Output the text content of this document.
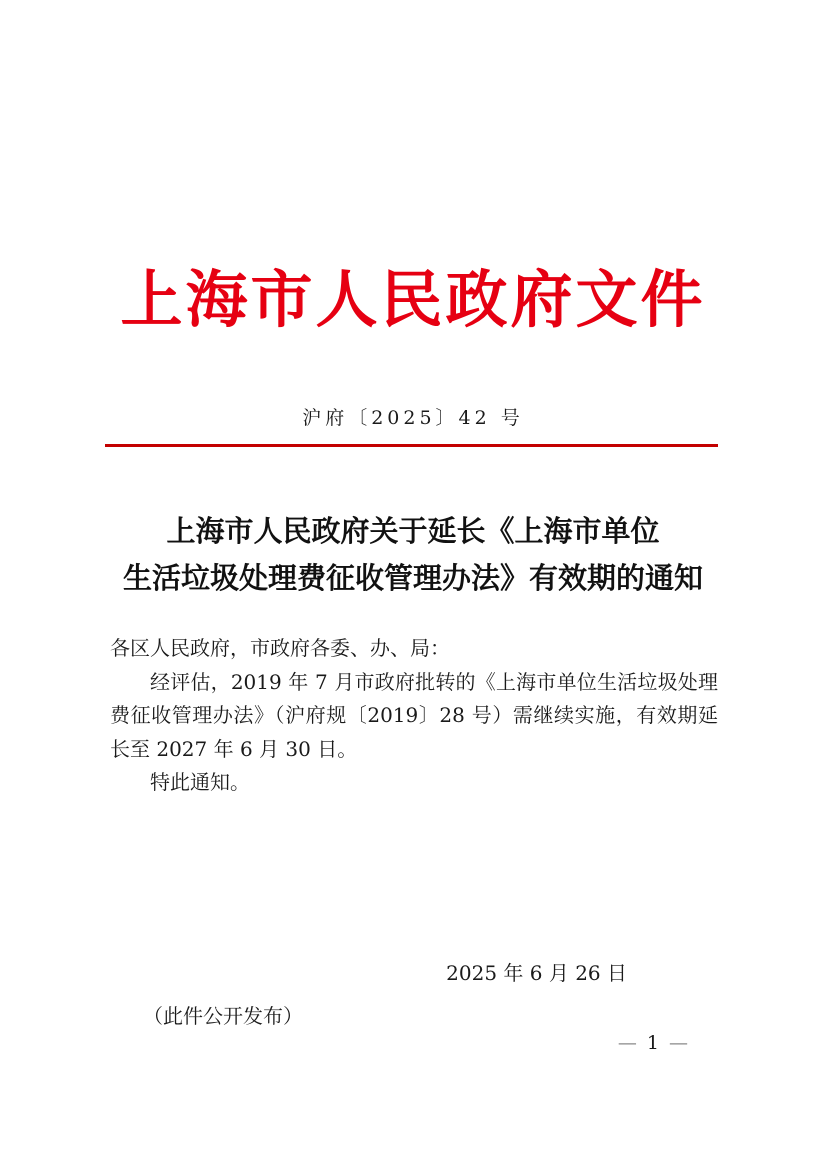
上海市人民政府文件
沪府〔2025〕42 号
上海市人民政府关于延长《上海市单位
生活垃圾处理费征收管理办法》有效期的通知

各区人民政府，市政府各委、办、局：

经评估，2019 年 7 月市政府批转的《上海市单位生活垃圾处理费征收管理办法》（沪府规〔2019〕28 号）需继续实施，有效期延长至 2027 年 6 月 30 日。

特此通知。

2025 年 6 月 26 日
（此件公开发布）
— 1 —
